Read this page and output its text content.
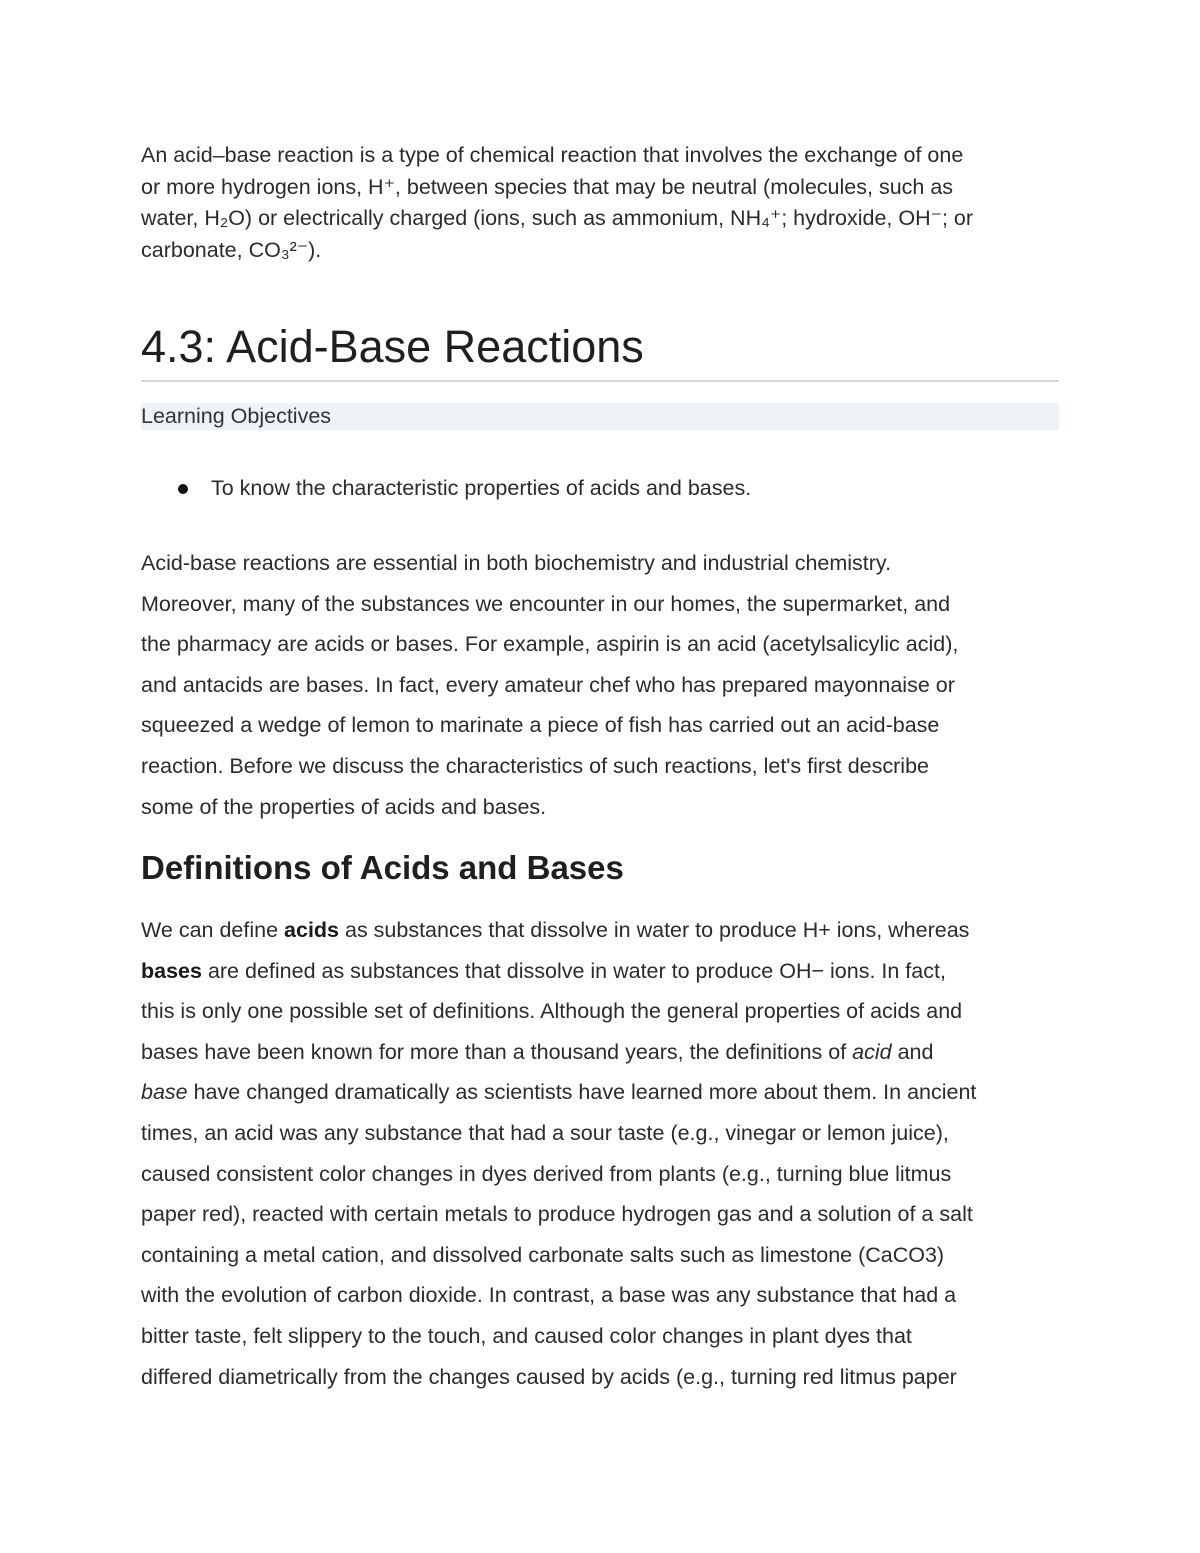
An acid–base reaction is a type of chemical reaction that involves the exchange of one
or more hydrogen ions, H⁺, between species that may be neutral (molecules, such as
water, H₂O) or electrically charged (ions, such as ammonium, NH₄⁺; hydroxide, OH⁻; or
carbonate, CO₃²⁻).

4.3: Acid-Base Reactions
Learning Objectives
To know the characteristic properties of acids and bases.

Acid-base reactions are essential in both biochemistry and industrial chemistry.
Moreover, many of the substances we encounter in our homes, the supermarket, and
the pharmacy are acids or bases. For example, aspirin is an acid (acetylsalicylic acid),
and antacids are bases. In fact, every amateur chef who has prepared mayonnaise or
squeezed a wedge of lemon to marinate a piece of fish has carried out an acid-base
reaction. Before we discuss the characteristics of such reactions, let's first describe
some of the properties of acids and bases.

Definitions of Acids and Bases

We can define acids as substances that dissolve in water to produce H+ ions, whereas
bases are defined as substances that dissolve in water to produce OH− ions. In fact,
this is only one possible set of definitions. Although the general properties of acids and
bases have been known for more than a thousand years, the definitions of acid and
base have changed dramatically as scientists have learned more about them. In ancient
times, an acid was any substance that had a sour taste (e.g., vinegar or lemon juice),
caused consistent color changes in dyes derived from plants (e.g., turning blue litmus
paper red), reacted with certain metals to produce hydrogen gas and a solution of a salt
containing a metal cation, and dissolved carbonate salts such as limestone (CaCO3)
with the evolution of carbon dioxide. In contrast, a base was any substance that had a
bitter taste, felt slippery to the touch, and caused color changes in plant dyes that
differed diametrically from the changes caused by acids (e.g., turning red litmus paper
